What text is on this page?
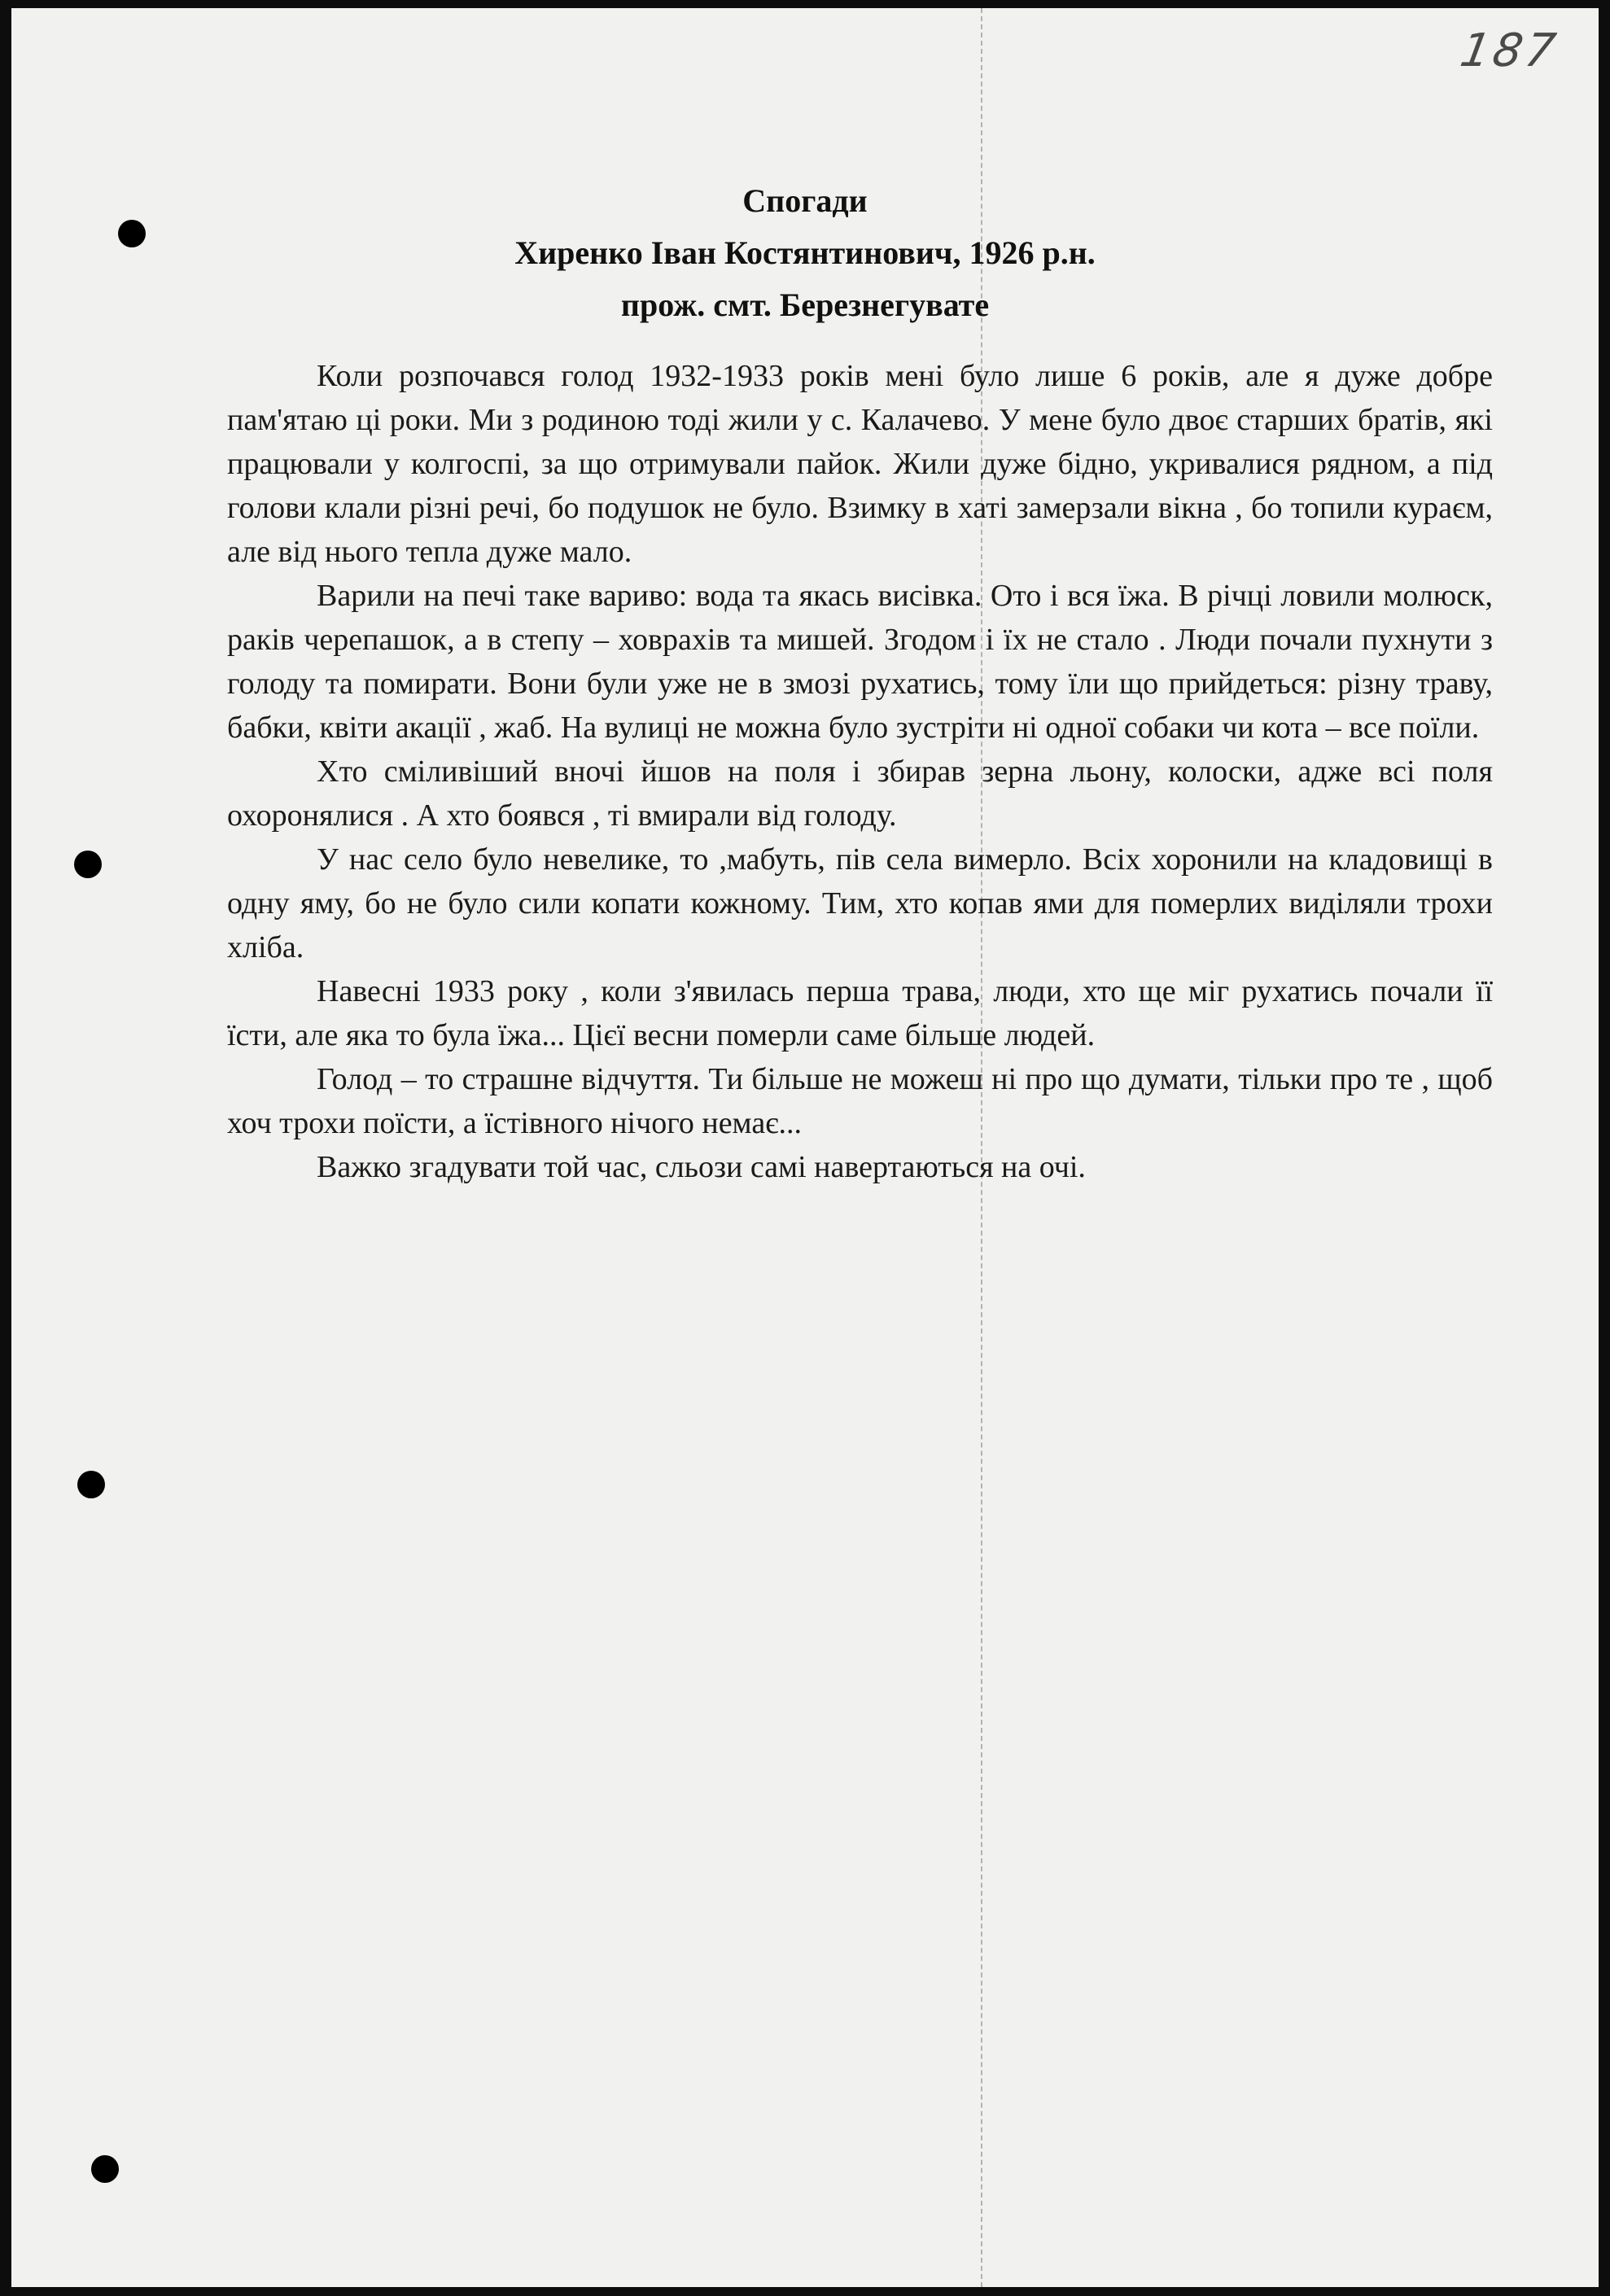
187
Спогади
Хиренко Іван Костянтинович, 1926 р.н.
прож. смт. Березнегувате

Коли розпочався голод 1932-1933 років мені було лише 6 років, але я дуже добре пам'ятаю ці роки. Ми з родиною тоді жили у с. Калачево. У мене було двоє старших братів, які працювали у колгоспі, за що отримували пайок. Жили дуже бідно, укривалися рядном, а під голови клали різні речі, бо подушок не було. Взимку в хаті замерзали вікна , бо топили кураєм, але від нього тепла дуже мало.

Варили на печі таке вариво: вода та якась висівка. Ото і вся їжа. В річці ловили молюск, раків черепашок, а в степу – ховрахів та мишей. Згодом і їх не стало . Люди почали пухнути з голоду та помирати. Вони були уже не в змозі рухатись, тому їли що прийдеться: різну траву, бабки, квіти акації , жаб. На вулиці не можна було зустріти ні одної собаки чи кота – все поїли.

Хто сміливіший вночі йшов на поля і збирав зерна льону, колоски, адже всі поля охоронялися . А хто боявся , ті вмирали від голоду.

У нас село було невелике, то ,мабуть, пів села вимерло. Всіх хоронили на кладовищі в одну яму, бо не було сили копати кожному. Тим, хто копав ями для померлих виділяли трохи хліба.

Навесні 1933 року , коли з'явилась перша трава, люди, хто ще міг рухатись почали її їсти, але яка то була їжа... Цієї весни померли саме більше людей.

Голод – то страшне відчуття. Ти більше не можеш ні про що думати, тільки про те , щоб хоч трохи поїсти, а їстівного нічого немає...

Важко згадувати той час, сльози самі навертаються на очі.
